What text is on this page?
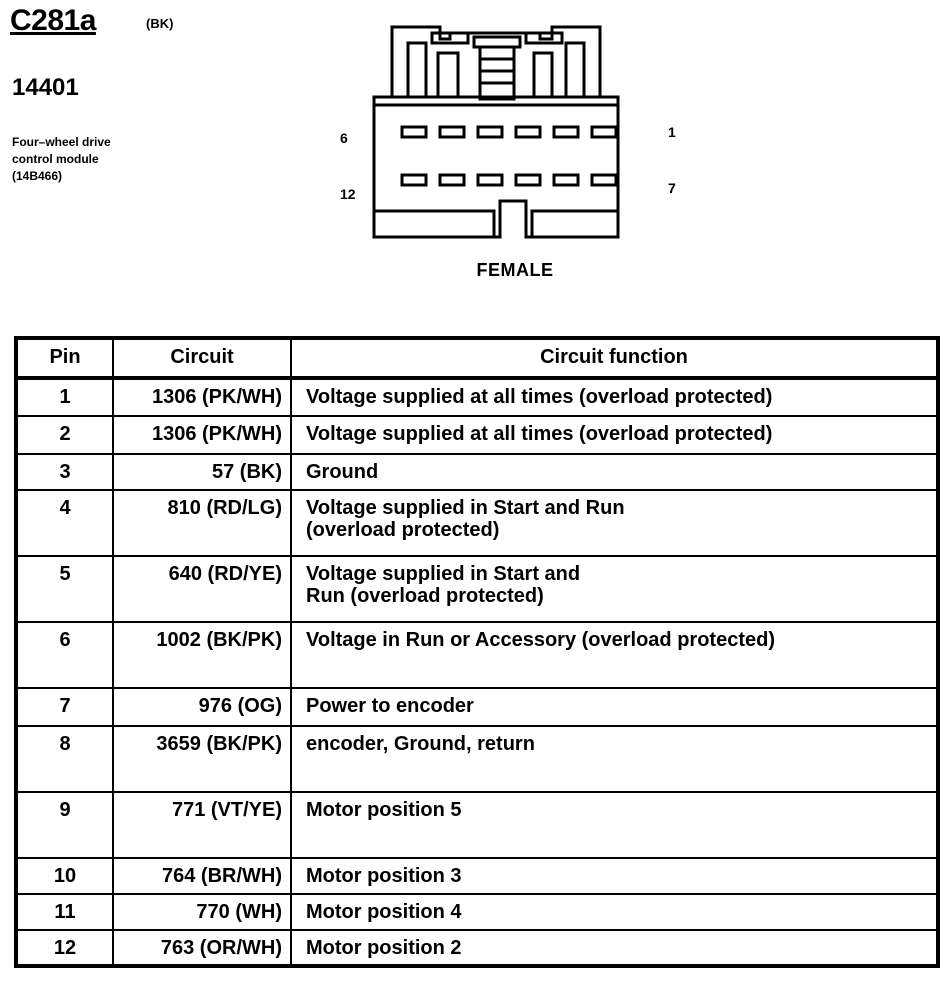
C281a	(BK)
14401
Four–wheel drive
control module
(14B466)
6	1
12	7
FEMALE
Pin	Circuit	Circuit function
1	1306 (PK/WH)	Voltage supplied at all times (overload protected)
2	1306 (PK/WH)	Voltage supplied at all times (overload protected)
3	57 (BK)	Ground
4	810 (RD/LG)	Voltage supplied in Start and Run
(overload protected)
5	640 (RD/YE)	Voltage supplied in Start and
Run (overload protected)
6	1002 (BK/PK)	Voltage in Run or Accessory (overload protected)
7	976 (OG)	Power to encoder
8	3659 (BK/PK)	encoder, Ground, return
9	771 (VT/YE)	Motor position 5
10	764 (BR/WH)	Motor position 3
11	770 (WH)	Motor position 4
12	763 (OR/WH)	Motor position 2
